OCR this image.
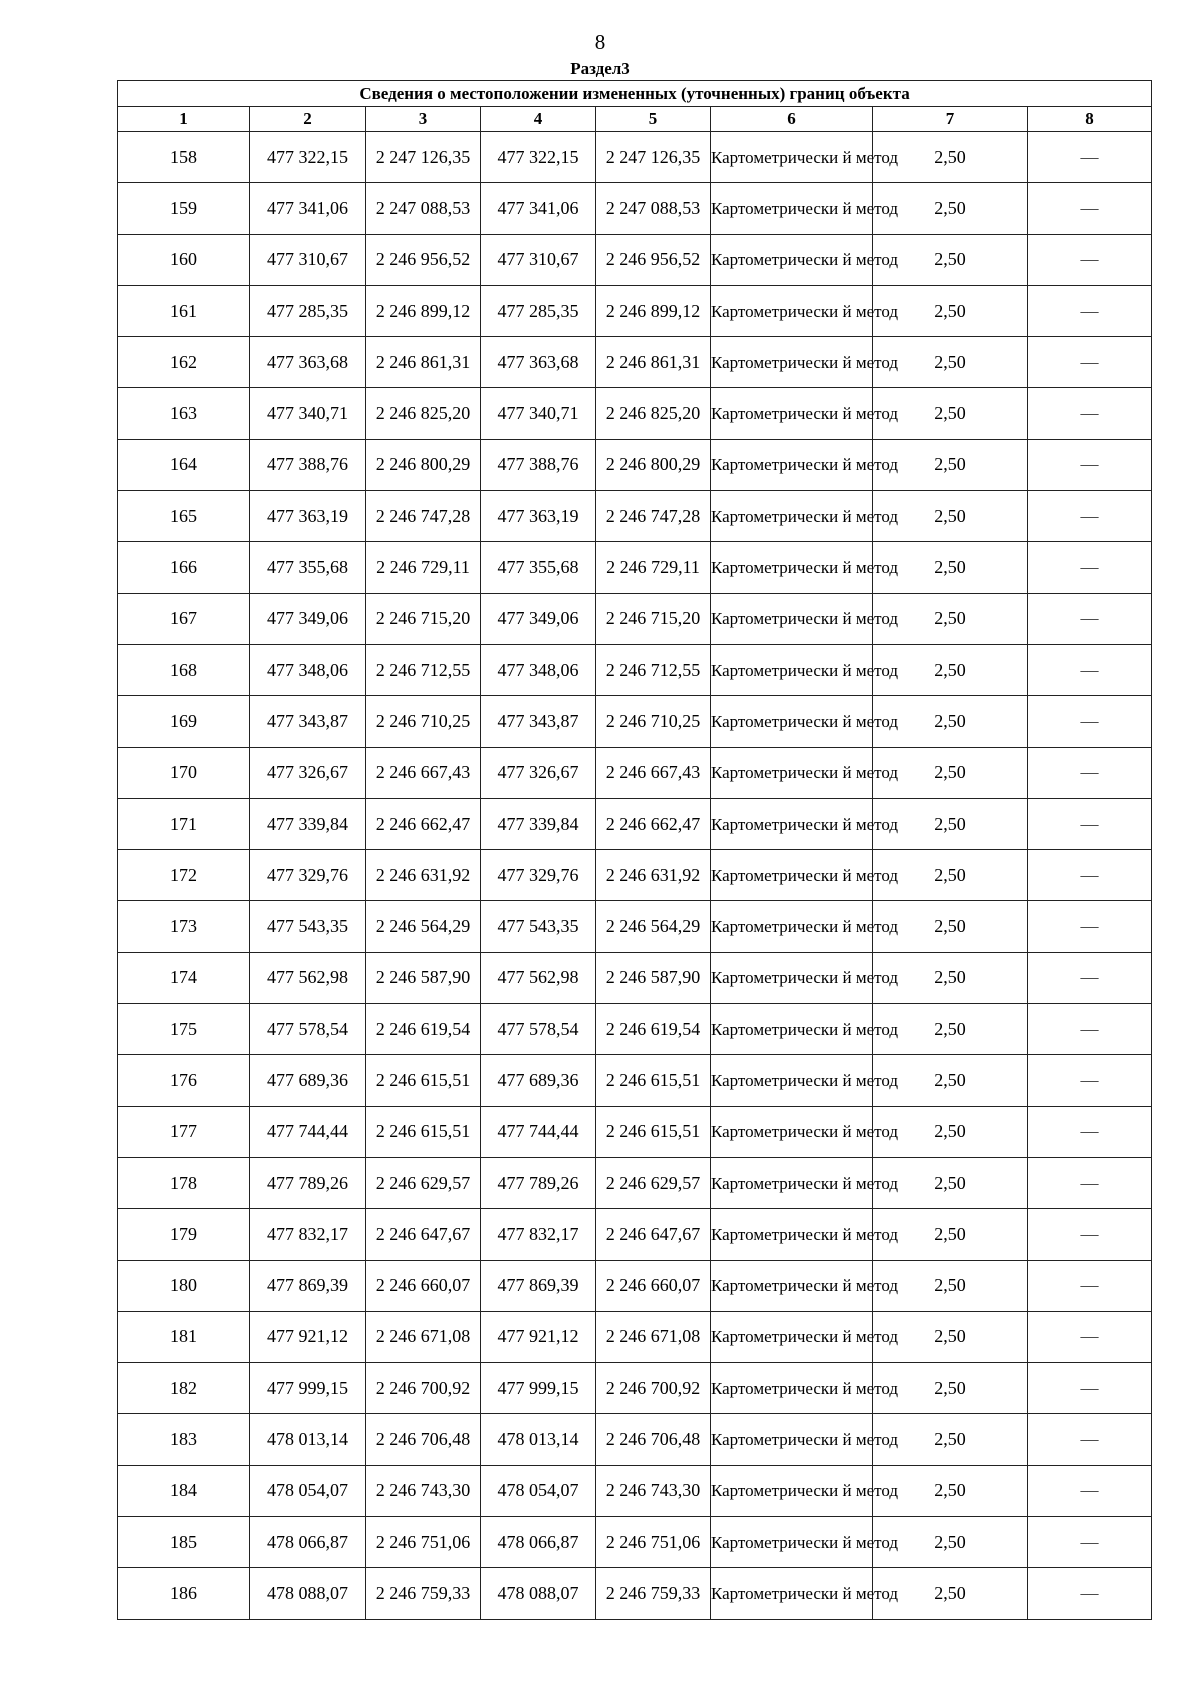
8
Раздел3
Сведения о местоположении измененных (уточненных) границ объекта							
1	2	3	4	5	6	7	8
158	477 322,15	2 247 126,35	477 322,15	2 247 126,35	Картометрически й метод	2,50	—
159	477 341,06	2 247 088,53	477 341,06	2 247 088,53	Картометрически й метод	2,50	—
160	477 310,67	2 246 956,52	477 310,67	2 246 956,52	Картометрически й метод	2,50	—
161	477 285,35	2 246 899,12	477 285,35	2 246 899,12	Картометрически й метод	2,50	—
162	477 363,68	2 246 861,31	477 363,68	2 246 861,31	Картометрически й метод	2,50	—
163	477 340,71	2 246 825,20	477 340,71	2 246 825,20	Картометрически й метод	2,50	—
164	477 388,76	2 246 800,29	477 388,76	2 246 800,29	Картометрически й метод	2,50	—
165	477 363,19	2 246 747,28	477 363,19	2 246 747,28	Картометрически й метод	2,50	—
166	477 355,68	2 246 729,11	477 355,68	2 246 729,11	Картометрически й метод	2,50	—
167	477 349,06	2 246 715,20	477 349,06	2 246 715,20	Картометрически й метод	2,50	—
168	477 348,06	2 246 712,55	477 348,06	2 246 712,55	Картометрически й метод	2,50	—
169	477 343,87	2 246 710,25	477 343,87	2 246 710,25	Картометрически й метод	2,50	—
170	477 326,67	2 246 667,43	477 326,67	2 246 667,43	Картометрически й метод	2,50	—
171	477 339,84	2 246 662,47	477 339,84	2 246 662,47	Картометрически й метод	2,50	—
172	477 329,76	2 246 631,92	477 329,76	2 246 631,92	Картометрически й метод	2,50	—
173	477 543,35	2 246 564,29	477 543,35	2 246 564,29	Картометрически й метод	2,50	—
174	477 562,98	2 246 587,90	477 562,98	2 246 587,90	Картометрически й метод	2,50	—
175	477 578,54	2 246 619,54	477 578,54	2 246 619,54	Картометрически й метод	2,50	—
176	477 689,36	2 246 615,51	477 689,36	2 246 615,51	Картометрически й метод	2,50	—
177	477 744,44	2 246 615,51	477 744,44	2 246 615,51	Картометрически й метод	2,50	—
178	477 789,26	2 246 629,57	477 789,26	2 246 629,57	Картометрически й метод	2,50	—
179	477 832,17	2 246 647,67	477 832,17	2 246 647,67	Картометрически й метод	2,50	—
180	477 869,39	2 246 660,07	477 869,39	2 246 660,07	Картометрически й метод	2,50	—
181	477 921,12	2 246 671,08	477 921,12	2 246 671,08	Картометрически й метод	2,50	—
182	477 999,15	2 246 700,92	477 999,15	2 246 700,92	Картометрически й метод	2,50	—
183	478 013,14	2 246 706,48	478 013,14	2 246 706,48	Картометрически й метод	2,50	—
184	478 054,07	2 246 743,30	478 054,07	2 246 743,30	Картометрически й метод	2,50	—
185	478 066,87	2 246 751,06	478 066,87	2 246 751,06	Картометрически й метод	2,50	—
186	478 088,07	2 246 759,33	478 088,07	2 246 759,33	Картометрически й метод	2,50	—
